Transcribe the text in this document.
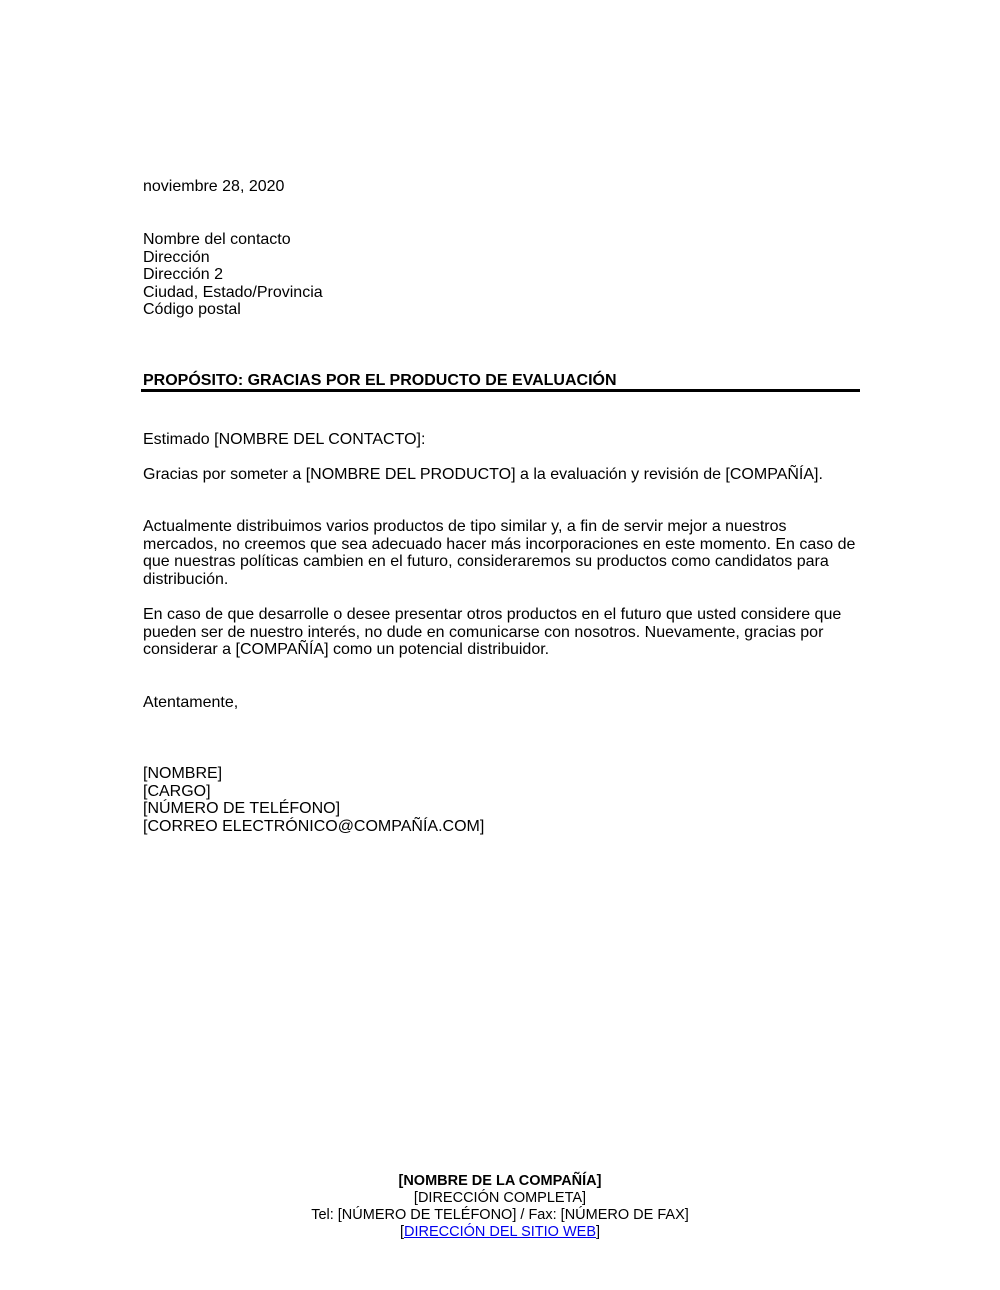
noviembre 28, 2020
Nombre del contacto
Dirección
Dirección 2
Ciudad, Estado/Provincia
Código postal
PROPÓSITO: GRACIAS POR EL PRODUCTO DE EVALUACIÓN
Estimado [NOMBRE DEL CONTACTO]:
Gracias por someter a [NOMBRE DEL PRODUCTO] a la evaluación y revisión de [COMPAÑÍA].
Actualmente distribuimos varios productos de tipo similar y, a fin de servir mejor a nuestros mercados, no creemos que sea adecuado hacer más incorporaciones en este momento. En caso de que nuestras políticas cambien en el futuro, consideraremos su productos como candidatos para distribución.
En caso de que desarrolle o desee presentar otros productos en el futuro que usted considere que pueden ser de nuestro interés, no dude en comunicarse con nosotros. Nuevamente, gracias por considerar a [COMPAÑÍA] como un potencial distribuidor.
Atentamente,
[NOMBRE]
[CARGO]
[NÚMERO DE TELÉFONO]
[CORREO ELECTRÓNICO@COMPAÑÍA.COM]
[NOMBRE DE LA COMPAÑÍA]
[DIRECCIÓN COMPLETA]
Tel: [NÚMERO DE TELÉFONO] / Fax: [NÚMERO DE FAX]
[DIRECCIÓN DEL SITIO WEB]
